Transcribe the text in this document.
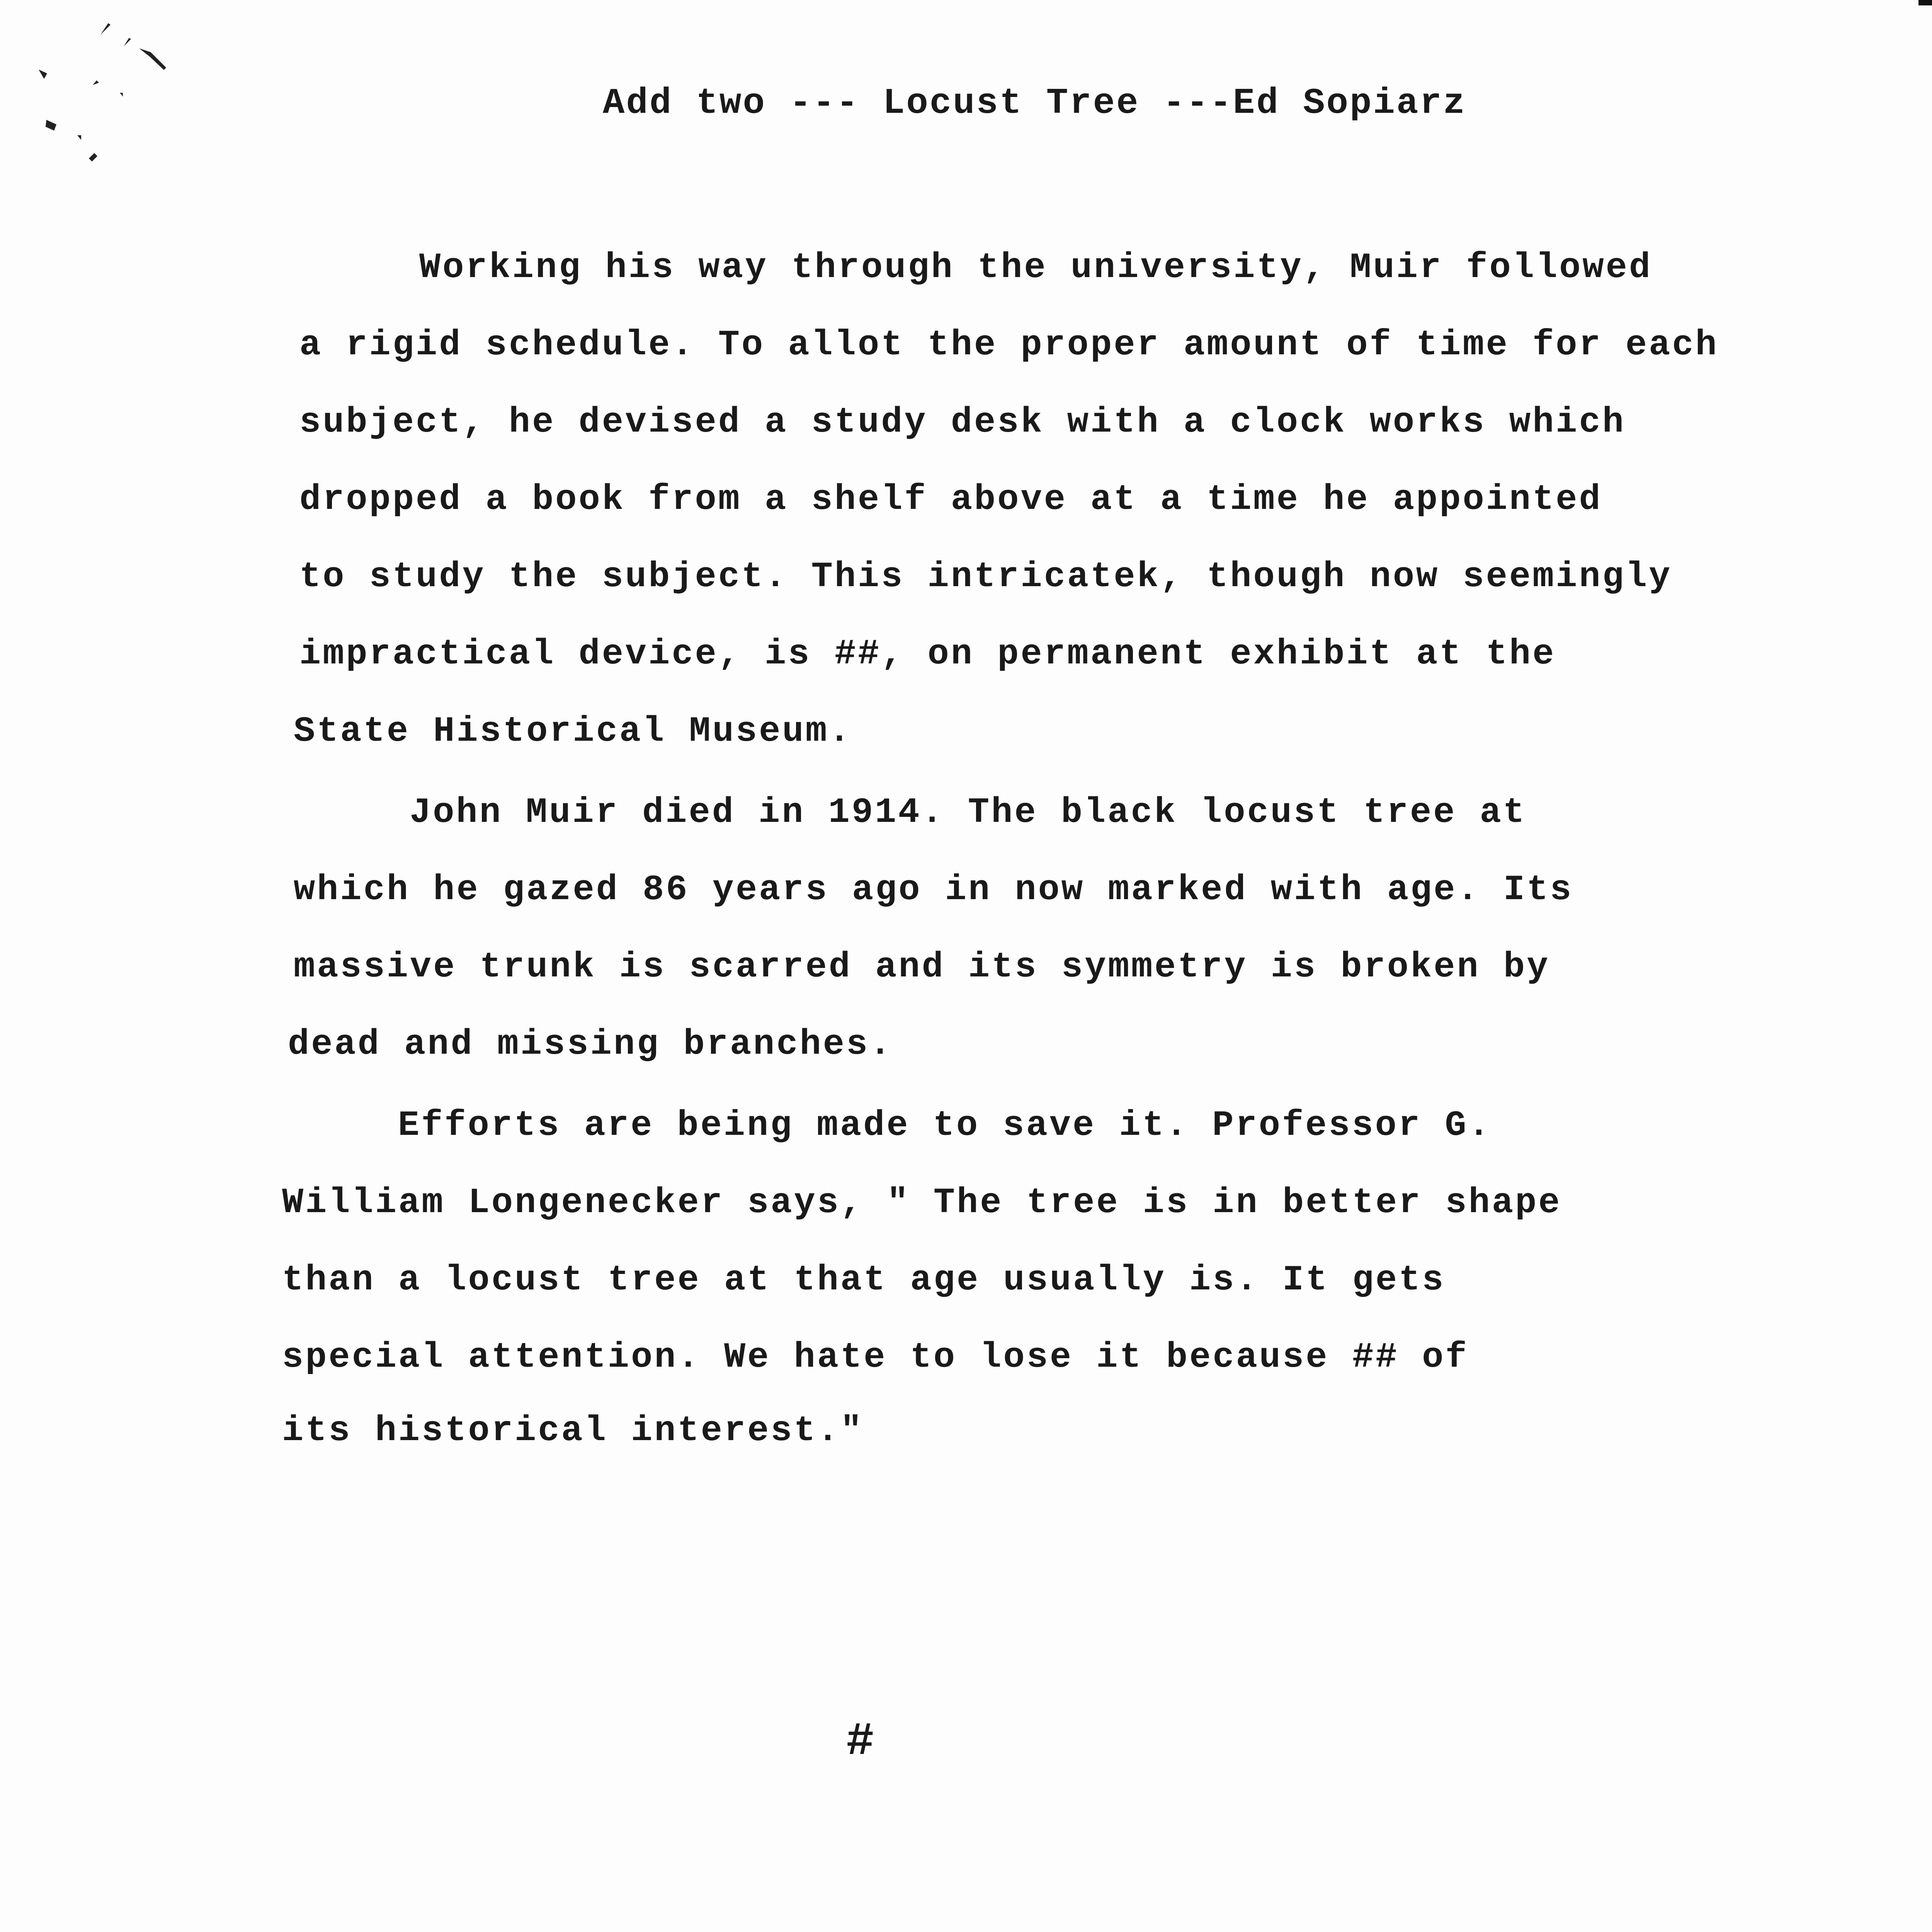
Add two --- Locust Tree ---Ed Sopiarz
Working his way through the university, Muir followed
a rigid schedule. To allot the proper amount of time for each
subject, he devised a study desk with a clock works which
dropped a book from a shelf above at a time he appointed
to study the subject. This intricatek, though now seemingly
impractical device, is ##, on permanent exhibit at the
State Historical Museum.
John Muir died in 1914. The black locust tree at
which he gazed 86 years ago in now marked with age. Its
massive trunk is scarred and its symmetry is broken by
dead and missing branches.
Efforts are being made to save it. Professor G.
William Longenecker says, " The tree is in better shape
than a locust tree at that age usually is. It gets
special attention. We hate to lose it because ## of
its historical interest."
#
